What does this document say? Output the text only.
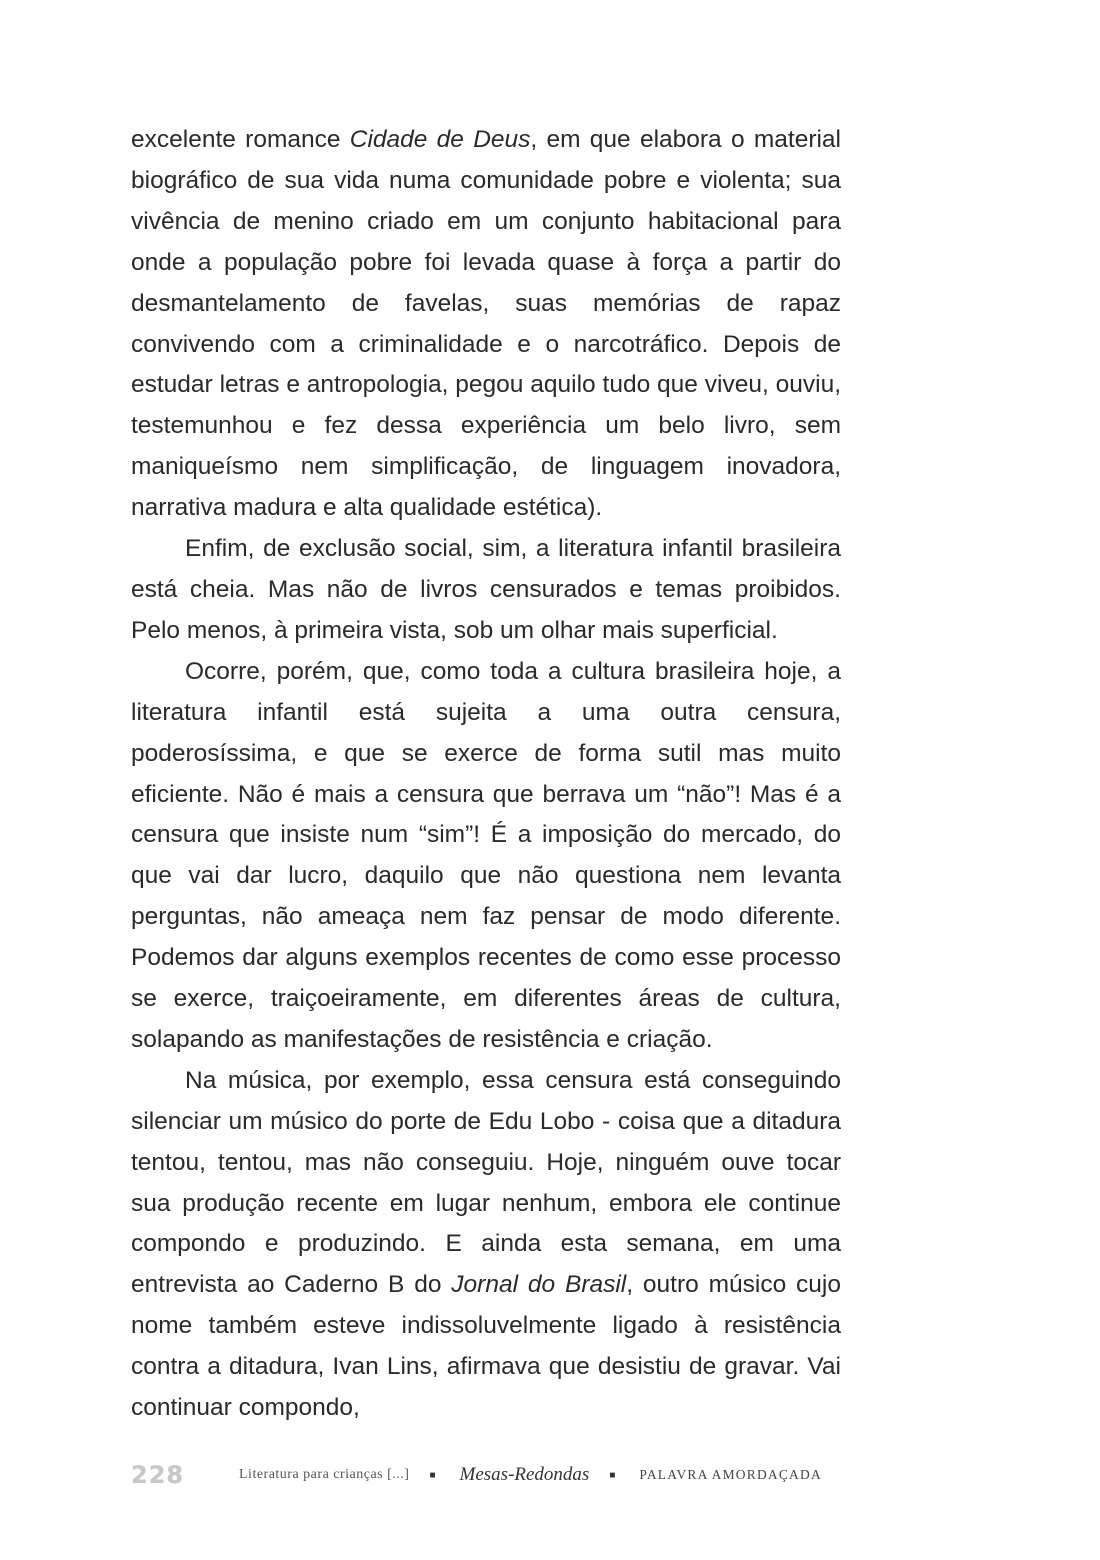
excelente romance Cidade de Deus, em que elabora o material biográfico de sua vida numa comunidade pobre e violenta; sua vivência de menino criado em um conjunto habitacional para onde a população pobre foi levada quase à força a partir do desmantelamento de favelas, suas memórias de rapaz convivendo com a criminalidade e o narcotráfico. Depois de estudar letras e antropologia, pegou aquilo tudo que viveu, ouviu, testemunhou e fez dessa experiência um belo livro, sem maniqueísmo nem simplificação, de linguagem inovadora, narrativa madura e alta qualidade estética).

Enfim, de exclusão social, sim, a literatura infantil brasileira está cheia. Mas não de livros censurados e temas proibidos. Pelo menos, à primeira vista, sob um olhar mais superficial.

Ocorre, porém, que, como toda a cultura brasileira hoje, a literatura infantil está sujeita a uma outra censura, poderosíssima, e que se exerce de forma sutil mas muito eficiente. Não é mais a censura que berrava um “não”! Mas é a censura que insiste num “sim”! É a imposição do mercado, do que vai dar lucro, daquilo que não questiona nem levanta perguntas, não ameaça nem faz pensar de modo diferente. Podemos dar alguns exemplos recentes de como esse processo se exerce, traiçoeiramente, em diferentes áreas de cultura, solapando as manifestações de resistência e criação.

Na música, por exemplo, essa censura está conseguindo silenciar um músico do porte de Edu Lobo - coisa que a ditadura tentou, tentou, mas não conseguiu. Hoje, ninguém ouve tocar sua produção recente em lugar nenhum, embora ele continue compondo e produzindo. E ainda esta semana, em uma entrevista ao Caderno B do Jornal do Brasil, outro músico cujo nome também esteve indissoluvelmente ligado à resistência contra a ditadura, Ivan Lins, afirmava que desistiu de gravar. Vai continuar compondo,

228	Literatura para crianças [...] ■ Mesas-Redondas ■ PALAVRA AMORDAÇADA
